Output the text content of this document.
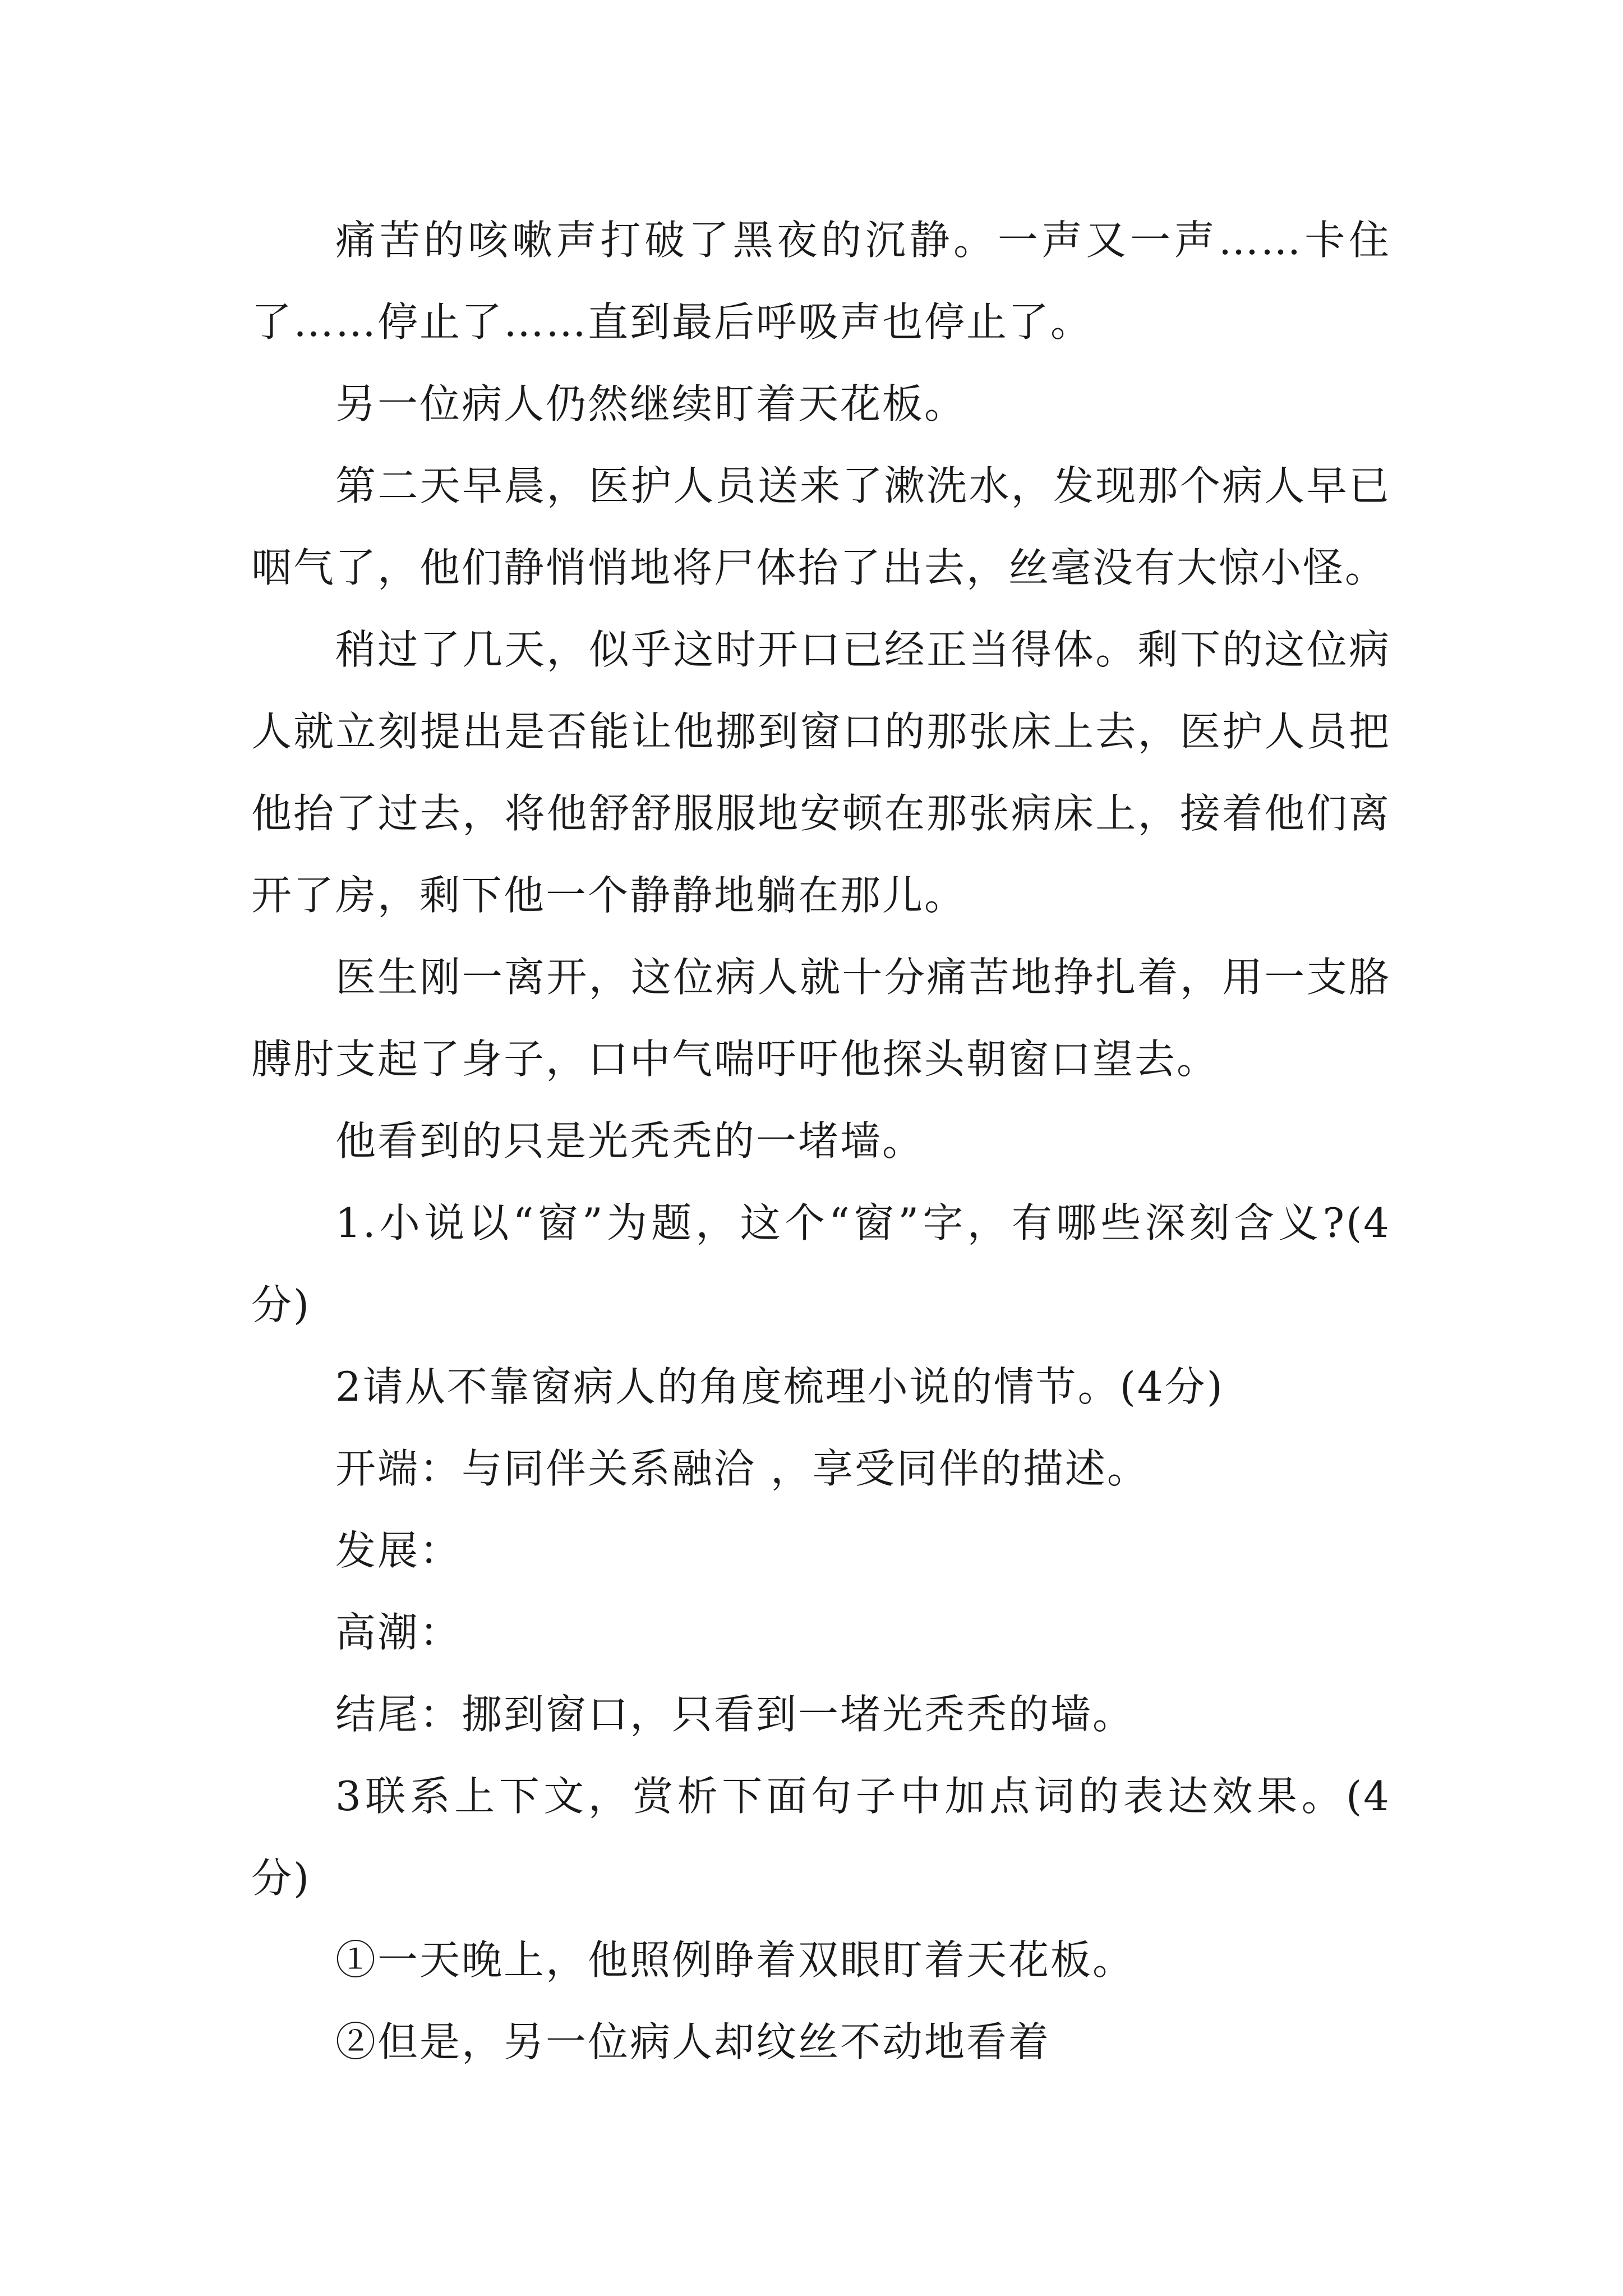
痛苦的咳嗽声打破了黑夜的沉静。一声又一声……卡住了……停止了……直到最后呼吸声也停止了。

另一位病人仍然继续盯着天花板。

第二天早晨，医护人员送来了漱洗水，发现那个病人早已咽气了，他们静悄悄地将尸体抬了出去，丝毫没有大惊小怪。

稍过了几天，似乎这时开口已经正当得体。剩下的这位病人就立刻提出是否能让他挪到窗口的那张床上去，医护人员把他抬了过去，将他舒舒服服地安顿在那张病床上，接着他们离开了房，剩下他一个静静地躺在那儿。

医生刚一离开，这位病人就十分痛苦地挣扎着，用一支胳膊肘支起了身子，口中气喘吁吁他探头朝窗口望去。

他看到的只是光秃秃的一堵墙。

1.小说以“窗”为题，这个“窗”字，有哪些深刻含义?(4分)

2请从不靠窗病人的角度梳理小说的情节。(4分)

开端：与同伴关系融洽 ，享受同伴的描述。

发展：

高潮：

结尾：挪到窗口，只看到一堵光秃秃的墙。

3联系上下文，赏析下面句子中加点词的表达效果。(4分)

①一天晚上，他照例睁着双眼盯着天花板。

②但是，另一位病人却纹丝不动地看着
